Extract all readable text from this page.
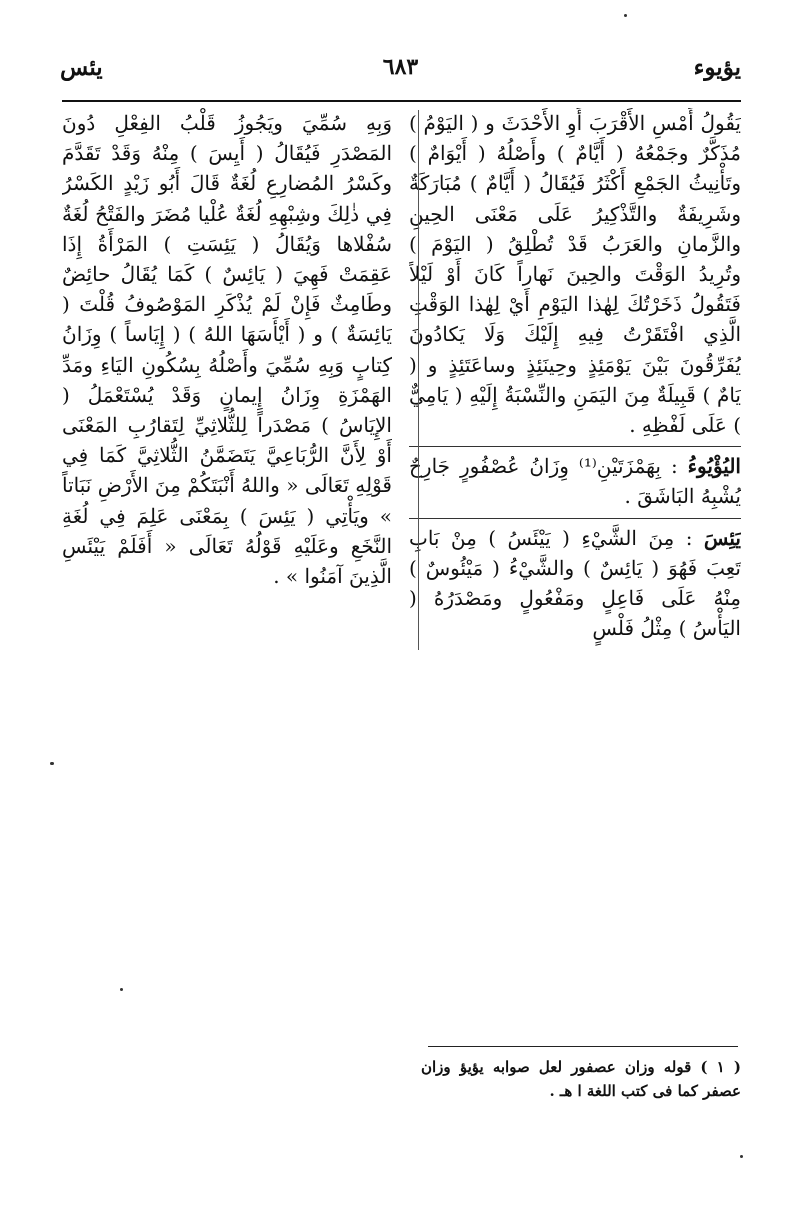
يؤيوء
٦٨٣
يئس

يَقُولُ أَمْسِ الأَقْرَبَ أَوِ الأَحْدَثَ و ( اليَوْمُ ) مُذَكَّرٌ وجَمْعُهُ ( أَيَّامٌ ) وأَصْلُهُ ( أَيْوَامٌ ) وتَأْنِيثُ الجَمْعِ أَكْثَرُ فَيُقَالُ ( أَيَّامٌ ) مُبَارَكَةٌ وشَرِيفَةٌ والتَّذْكِيرُ عَلَى مَعْنَى الحِينِ والزَّمانِ والعَرَبُ قَدْ تُطْلِقُ ( اليَوْمَ ) وتُرِيدُ الوَقْتَ والحِينَ نَهاراً كَانَ أَوْ لَيْلاً فَتَقُولُ ذَخَرْتُكَ لِهٰذا اليَوْمِ أَيْ لِهٰذا الوَقْتِ الَّذِي افْتَقَرْتُ فِيهِ إِلَيْكَ وَلَا يَكادُونَ يُفَرِّقُونَ بَيْنَ يَوْمَئِذٍ وحِينَئِذٍ وساعَتَئِذٍ و ( يَامٌ ) قَبِيلَةٌ مِنَ اليَمَنِ والنِّسْبَةُ إِلَيْهِ ( يَامِيٌّ ) عَلَى لَفْظِهِ .

اليُؤْيُوءُ : بِهَمْزَتَيْنِ⁽¹⁾ وِزَانُ عُصْفُورٍ جَارِحٌ يُشْبِهُ البَاشَقَ .

يَئِسَ : مِنَ الشَّيْءِ ( يَيْئَسُ ) مِنْ بَابِ تَعِبَ فَهُوَ ( يَائِسٌ ) والشَّيْءُ ( مَيْئُوسٌ ) مِنْهُ عَلَى فَاعِلٍ ومَفْعُولٍ ومَصْدَرُهُ ( اليَأْسُ ) مِثْلُ فَلْسٍ

وَبِهِ سُمِّيَ ويَجُوزُ قَلْبُ الفِعْلِ دُونَ المَصْدَرِ فَيُقَالُ ( أَيِسَ ) مِنْهُ وَقَدْ تَقَدَّمَ وكَسْرُ المُضارِعِ لُغَةٌ قَالَ أَبُو زَيْدٍ الكَسْرُ فِي ذٰلِكَ وشِبْهِهِ لُغَةٌ عُلْيا مُضَرَ والفَتْحُ لُغَةٌ سُفْلاها وَيُقَالُ ( يَئِسَتِ ) المَرْأَةُ إِذَا عَقِمَتْ فَهِيَ ( يَائِسٌ ) كَمَا يُقَالُ حائِضٌ وطَامِثٌ فَإِنْ لَمْ يُذْكَرِ المَوْصُوفُ قُلْتَ ( يَائِسَةٌ ) و ( أَيْأَسَهَا اللهُ ) ( إِيَاساً ) وِزَانُ كِتابٍ وَبِهِ سُمِّيَ وأَصْلُهُ بِسُكُونِ اليَاءِ ومَدِّ الهَمْزَةِ وِزَانُ إِيمانٍ وَقَدْ يُسْتَعْمَلُ ( الإِيَاسُ ) مَصْدَراً لِلثُّلاثِيِّ لِتَقارُبِ المَعْنَى أَوْ لِأَنَّ الرُّبَاعِيَّ يَتَضَمَّنُ الثُّلاثِيَّ كَمَا فِي قَوْلِهِ تَعَالَى « واللهُ أَنْبَتَكُمْ مِنَ الأَرْضِ نَبَاتاً » ويَأْتِي ( يَئِسَ ) بِمَعْنَى عَلِمَ فِي لُغَةِ النَّخَعِ وعَلَيْهِ قَوْلُهُ تَعَالَى « أَفَلَمْ يَيْئَسِ الَّذِينَ آمَنُوا » .

( ١ ) قوله وزان عصفور لعل صوابه يؤيؤ وزان عصفر كما فى كتب اللغة ا هـ .
